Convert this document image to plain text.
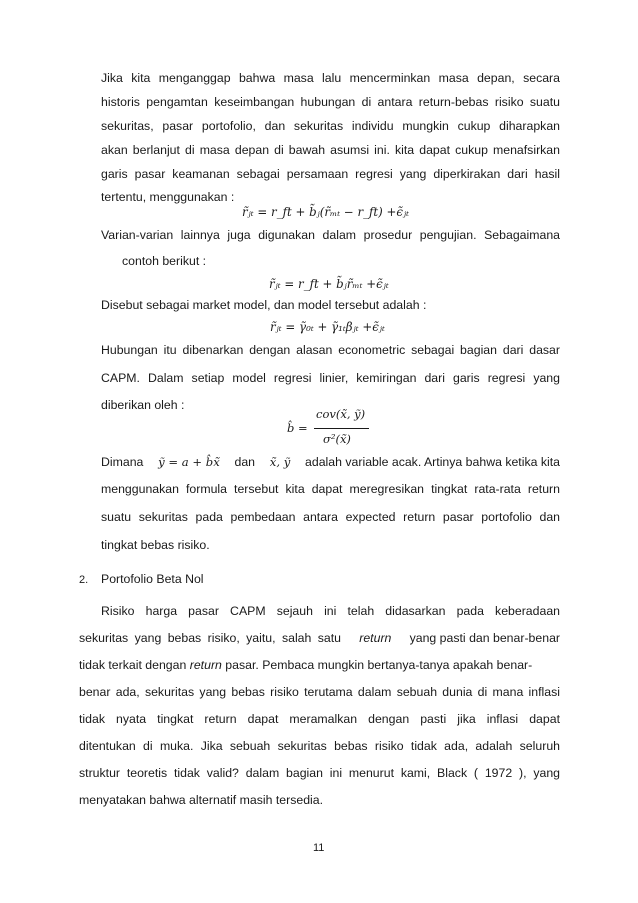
Jika kita menganggap bahwa masa lalu mencerminkan masa depan, secara
historis pengamtan keseimbangan hubungan di antara return-bebas risiko suatu
sekuritas, pasar portofolio, dan sekuritas individu mungkin cukup diharapkan
akan berlanjut di masa depan di bawah asumsi ini. kita dapat cukup menafsirkan
garis pasar keamanan sebagai persamaan regresi yang diperkirakan dari hasil
tertentu, menggunakan :
r̃ⱼₜ = r_ft + b̃ⱼ(r̃ₘₜ − r_ft) +ϵ̃ⱼₜ
Varian-varian lainnya juga digunakan dalam prosedur pengujian. Sebagaimana
contoh berikut :
r̃ⱼₜ = r_ft + b̃ⱼr̃ₘₜ +ϵ̃ⱼₜ
Disebut sebagai market model, dan model tersebut adalah :
r̃ⱼₜ = γ̃₀ₜ + γ̃₁ₜβⱼₜ +ϵ̃ⱼₜ
Hubungan itu dibenarkan dengan alasan econometric sebagai bagian dari dasar
CAPM. Dalam setiap model regresi linier, kemiringan dari garis regresi yang
diberikan oleh :
b̂ =
cov(x̃, ỹ)
σ²(x̃)
Dimana ỹ = a + b̂x̃ dan x̃, ỹ adalah variable acak. Artinya bahwa ketika kita
menggunakan formula tersebut kita dapat meregresikan tingkat rata-rata return
suatu sekuritas pada pembedaan antara expected return pasar portofolio dan
tingkat bebas risiko.
2. Portofolio Beta Nol
Risiko harga pasar CAPM sejauh ini telah didasarkan pada keberadaan
sekuritas yang bebas risiko, yaitu, salah satu return yang pasti dan benar-benar
tidak terkait dengan return pasar. Pembaca mungkin bertanya-tanya apakah benar-
benar ada, sekuritas yang bebas risiko terutama dalam sebuah dunia di mana inflasi
tidak nyata tingkat return dapat meramalkan dengan pasti jika inflasi dapat
ditentukan di muka. Jika sebuah sekuritas bebas risiko tidak ada, adalah seluruh
struktur teoretis tidak valid? dalam bagian ini menurut kami, Black ( 1972 ), yang
menyatakan bahwa alternatif masih tersedia.
11
